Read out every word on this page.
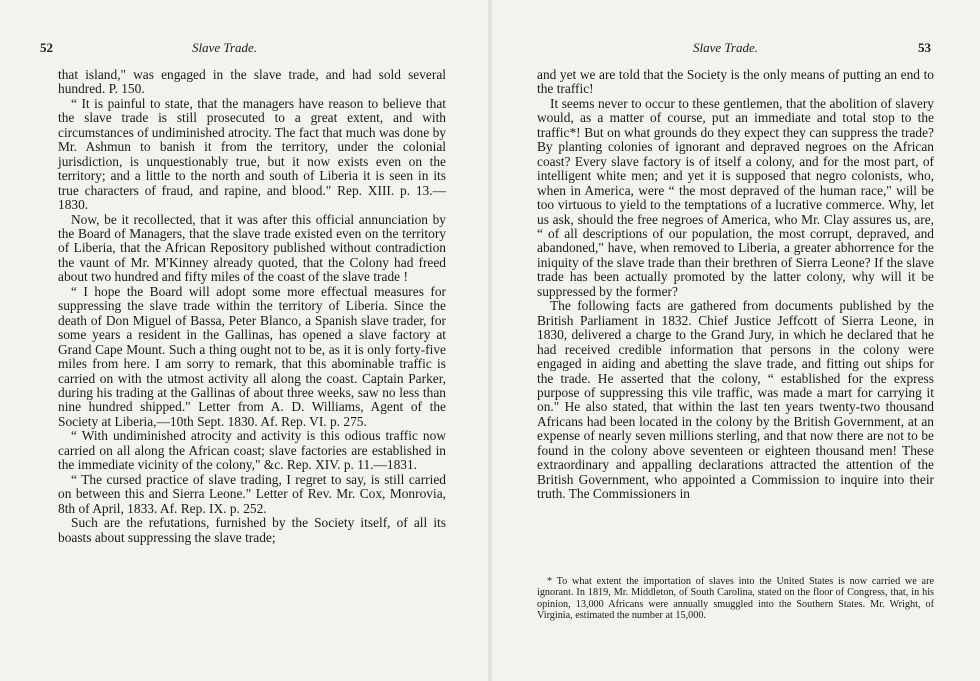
52	Slave Trade.

that island," was engaged in the slave trade, and had sold several hundred. P. 150.

“ It is painful to state, that the managers have reason to believe that the slave trade is still prosecuted to a great extent, and with circumstances of undiminished atrocity. The fact that much was done by Mr. Ashmun to banish it from the territory, under the colonial jurisdiction, is unquestionably true, but it now exists even on the territory; and a little to the north and south of Liberia it is seen in its true characters of fraud, and rapine, and blood." Rep. XIII. p. 13.—1830.

Now, be it recollected, that it was after this official annunciation by the Board of Managers, that the slave trade existed even on the territory of Liberia, that the African Repository published without contradiction the vaunt of Mr. M'Kinney already quoted, that the Colony had freed about two hundred and fifty miles of the coast of the slave trade !

“ I hope the Board will adopt some more effectual measures for suppressing the slave trade within the territory of Liberia. Since the death of Don Miguel of Bassa, Peter Blanco, a Spanish slave trader, for some years a resident in the Gallinas, has opened a slave factory at Grand Cape Mount. Such a thing ought not to be, as it is only forty-five miles from here. I am sorry to remark, that this abominable traffic is carried on with the utmost activity all along the coast. Captain Parker, during his trading at the Gallinas of about three weeks, saw no less than nine hundred shipped." Letter from A. D. Williams, Agent of the Society at Liberia,—10th Sept. 1830. Af. Rep. VI. p. 275.

“ With undiminished atrocity and activity is this odious traffic now carried on all along the African coast; slave factories are established in the immediate vicinity of the colony," &c. Rep. XIV. p. 11.—1831.

“ The cursed practice of slave trading, I regret to say, is still carried on between this and Sierra Leone." Letter of Rev. Mr. Cox, Monrovia, 8th of April, 1833. Af. Rep. IX. p. 252.

Such are the refutations, furnished by the Society itself, of all its boasts about suppressing the slave trade;

Slave Trade.	53

and yet we are told that the Society is the only means of putting an end to the traffic!

It seems never to occur to these gentlemen, that the abolition of slavery would, as a matter of course, put an immediate and total stop to the traffic*! But on what grounds do they expect they can suppress the trade? By planting colonies of ignorant and depraved negroes on the African coast? Every slave factory is of itself a colony, and for the most part, of intelligent white men; and yet it is supposed that negro colonists, who, when in America, were “ the most depraved of the human race," will be too virtuous to yield to the temptations of a lucrative commerce. Why, let us ask, should the free negroes of America, who Mr. Clay assures us, are, “ of all descriptions of our population, the most corrupt, depraved, and abandoned," have, when removed to Liberia, a greater abhorrence for the iniquity of the slave trade than their brethren of Sierra Leone? If the slave trade has been actually promoted by the latter colony, why will it be suppressed by the former?

The following facts are gathered from documents published by the British Parliament in 1832. Chief Justice Jeffcott of Sierra Leone, in 1830, delivered a charge to the Grand Jury, in which he declared that he had received credible information that persons in the colony were engaged in aiding and abetting the slave trade, and fitting out ships for the trade. He asserted that the colony, “ established for the express purpose of suppressing this vile traffic, was made a mart for carrying it on." He also stated, that within the last ten years twenty-two thousand Africans had been located in the colony by the British Government, at an expense of nearly seven millions sterling, and that now there are not to be found in the colony above seventeen or eighteen thousand men! These extraordinary and appalling declarations attracted the attention of the British Government, who appointed a Commission to inquire into their truth. The Commissioners in

* To what extent the importation of slaves into the United States is now carried we are ignorant. In 1819, Mr. Middleton, of South Carolina, stated on the floor of Congress, that, in his opinion, 13,000 Africans were annually smuggled into the Southern States. Mr. Wright, of Virginia, estimated the number at 15,000.
